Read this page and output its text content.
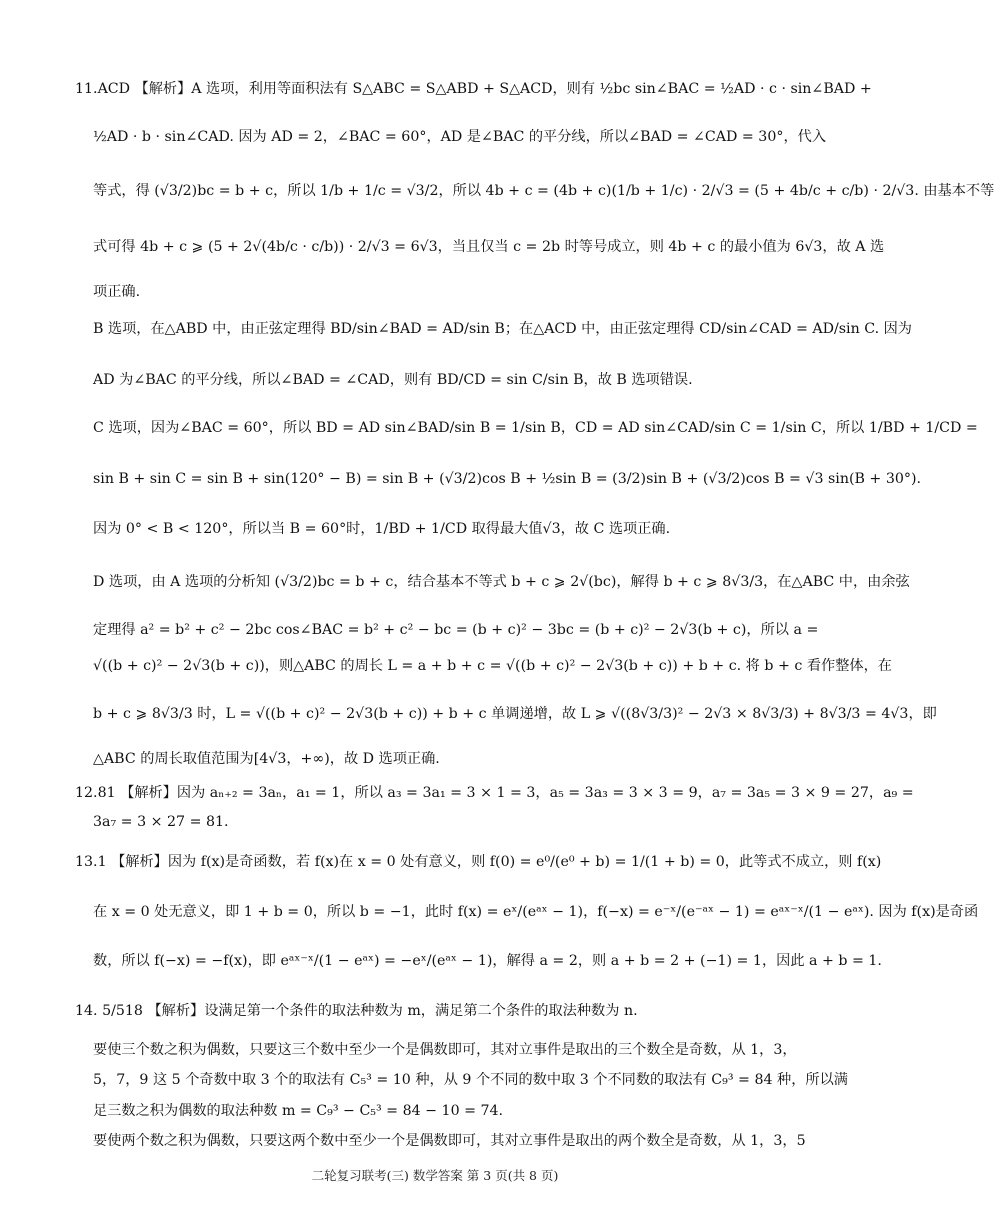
11.ACD 【解析】A 选项，利用等面积法有 S△ABC = S△ABD + S△ACD，则有 ½bc sin∠BAC = ½AD · c · sin∠BAD +
½AD · b · sin∠CAD. 因为 AD = 2，∠BAC = 60°，AD 是∠BAC 的平分线，所以∠BAD = ∠CAD = 30°，代入
等式，得 (√3/2)bc = b + c，所以 1/b + 1/c = √3/2，所以 4b + c = (4b + c)(1/b + 1/c) · 2/√3 = (5 + 4b/c + c/b) · 2/√3. 由基本不等
式可得 4b + c ⩾ (5 + 2√(4b/c · c/b)) · 2/√3 = 6√3，当且仅当 c = 2b 时等号成立，则 4b + c 的最小值为 6√3，故 A 选
项正确.
B 选项，在△ABD 中，由正弦定理得 BD/sin∠BAD = AD/sin B；在△ACD 中，由正弦定理得 CD/sin∠CAD = AD/sin C. 因为
AD 为∠BAC 的平分线，所以∠BAD = ∠CAD，则有 BD/CD = sin C/sin B，故 B 选项错误.
C 选项，因为∠BAC = 60°，所以 BD = AD sin∠BAD/sin B = 1/sin B，CD = AD sin∠CAD/sin C = 1/sin C，所以 1/BD + 1/CD =
sin B + sin C = sin B + sin(120° − B) = sin B + (√3/2)cos B + ½sin B = (3/2)sin B + (√3/2)cos B = √3 sin(B + 30°).
因为 0° < B < 120°，所以当 B = 60°时，1/BD + 1/CD 取得最大值√3，故 C 选项正确.
D 选项，由 A 选项的分析知 (√3/2)bc = b + c，结合基本不等式 b + c ⩾ 2√(bc)，解得 b + c ⩾ 8√3/3，在△ABC 中，由余弦
定理得 a² = b² + c² − 2bc cos∠BAC = b² + c² − bc = (b + c)² − 3bc = (b + c)² − 2√3(b + c)，所以 a =
√((b + c)² − 2√3(b + c))，则△ABC 的周长 L = a + b + c = √((b + c)² − 2√3(b + c)) + b + c. 将 b + c 看作整体，在
b + c ⩾ 8√3/3 时，L = √((b + c)² − 2√3(b + c)) + b + c 单调递增，故 L ⩾ √((8√3/3)² − 2√3 × 8√3/3) + 8√3/3 = 4√3，即
△ABC 的周长取值范围为[4√3，+∞)，故 D 选项正确.
12.81 【解析】因为 aₙ₊₂ = 3aₙ，a₁ = 1，所以 a₃ = 3a₁ = 3 × 1 = 3，a₅ = 3a₃ = 3 × 3 = 9，a₇ = 3a₅ = 3 × 9 = 27，a₉ =
3a₇ = 3 × 27 = 81.
13.1 【解析】因为 f(x)是奇函数，若 f(x)在 x = 0 处有意义，则 f(0) = e⁰/(e⁰ + b) = 1/(1 + b) = 0，此等式不成立，则 f(x)
在 x = 0 处无意义，即 1 + b = 0，所以 b = −1，此时 f(x) = eˣ/(eᵃˣ − 1)，f(−x) = e⁻ˣ/(e⁻ᵃˣ − 1) = eᵃˣ⁻ˣ/(1 − eᵃˣ). 因为 f(x)是奇函
数，所以 f(−x) = −f(x)，即 eᵃˣ⁻ˣ/(1 − eᵃˣ) = −eˣ/(eᵃˣ − 1)，解得 a = 2，则 a + b = 2 + (−1) = 1，因此 a + b = 1.
14. 5/518 【解析】设满足第一个条件的取法种数为 m，满足第二个条件的取法种数为 n.
要使三个数之积为偶数，只要这三个数中至少一个是偶数即可，其对立事件是取出的三个数全是奇数，从 1，3，
5，7，9 这 5 个奇数中取 3 个的取法有 C₅³ = 10 种，从 9 个不同的数中取 3 个不同数的取法有 C₉³ = 84 种，所以满
足三数之积为偶数的取法种数 m = C₉³ − C₅³ = 84 − 10 = 74.
要使两个数之积为偶数，只要这两个数中至少一个是偶数即可，其对立事件是取出的两个数全是奇数，从 1，3，5
二轮复习联考(三) 数学答案 第 3 页(共 8 页)
